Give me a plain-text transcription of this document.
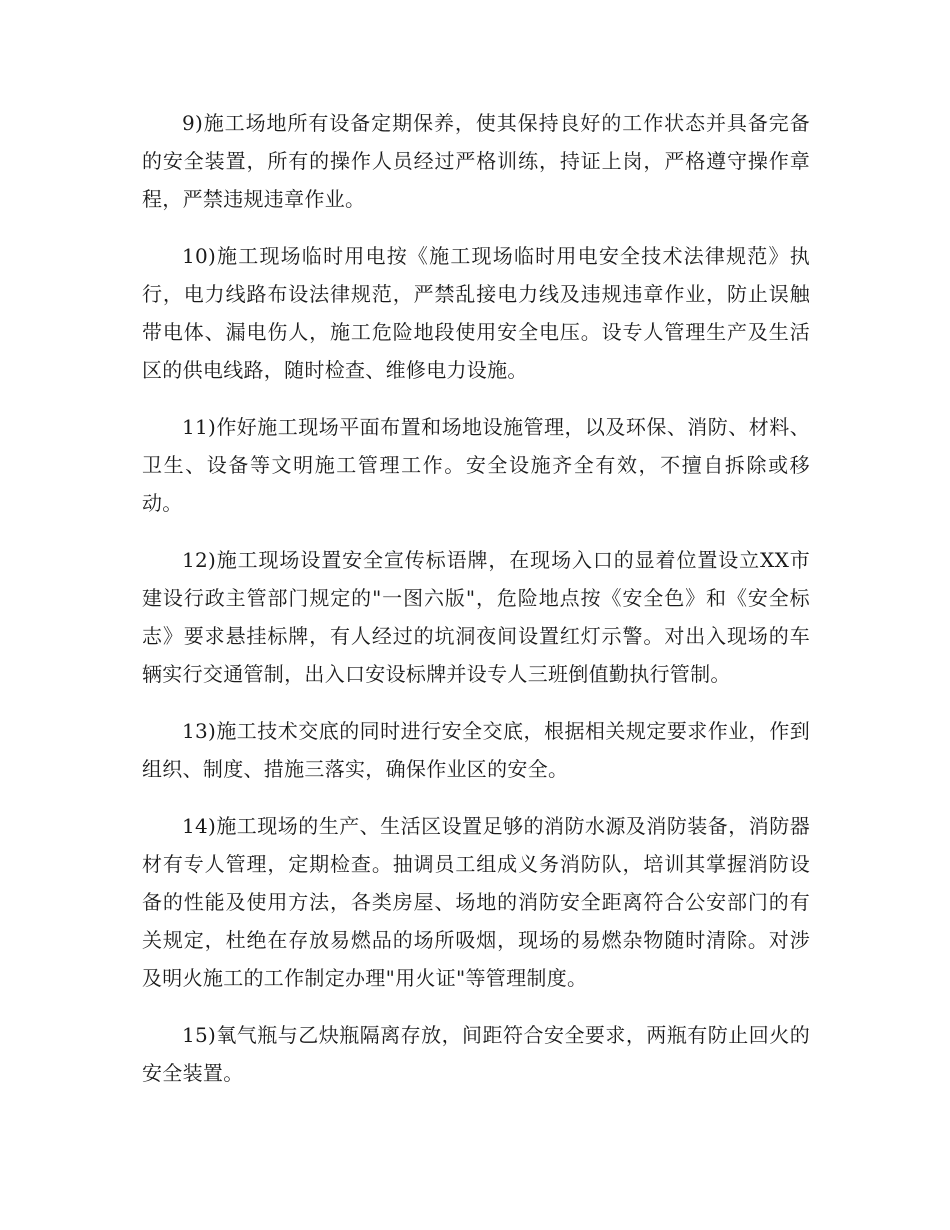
9)施工场地所有设备定期保养，使其保持良好的工作状态并具备完备的安全装置，所有的操作人员经过严格训练，持证上岗，严格遵守操作章程，严禁违规违章作业。

10)施工现场临时用电按《施工现场临时用电安全技术法律规范》执行，电力线路布设法律规范，严禁乱接电力线及违规违章作业，防止误触带电体、漏电伤人，施工危险地段使用安全电压。设专人管理生产及生活区的供电线路，随时检查、维修电力设施。

11)作好施工现场平面布置和场地设施管理，以及环保、消防、材料、卫生、设备等文明施工管理工作。安全设施齐全有效，不擅自拆除或移动。

12)施工现场设置安全宣传标语牌，在现场入口的显着位置设立XX市建设行政主管部门规定的"一图六版"，危险地点按《安全色》和《安全标志》要求悬挂标牌，有人经过的坑洞夜间设置红灯示警。对出入现场的车辆实行交通管制，出入口安设标牌并设专人三班倒值勤执行管制。

13)施工技术交底的同时进行安全交底，根据相关规定要求作业，作到组织、制度、措施三落实，确保作业区的安全。

14)施工现场的生产、生活区设置足够的消防水源及消防装备，消防器材有专人管理，定期检查。抽调员工组成义务消防队，培训其掌握消防设备的性能及使用方法，各类房屋、场地的消防安全距离符合公安部门的有关规定，杜绝在存放易燃品的场所吸烟，现场的易燃杂物随时清除。对涉及明火施工的工作制定办理"用火证"等管理制度。

15)氧气瓶与乙炔瓶隔离存放，间距符合安全要求，两瓶有防止回火的安全装置。
